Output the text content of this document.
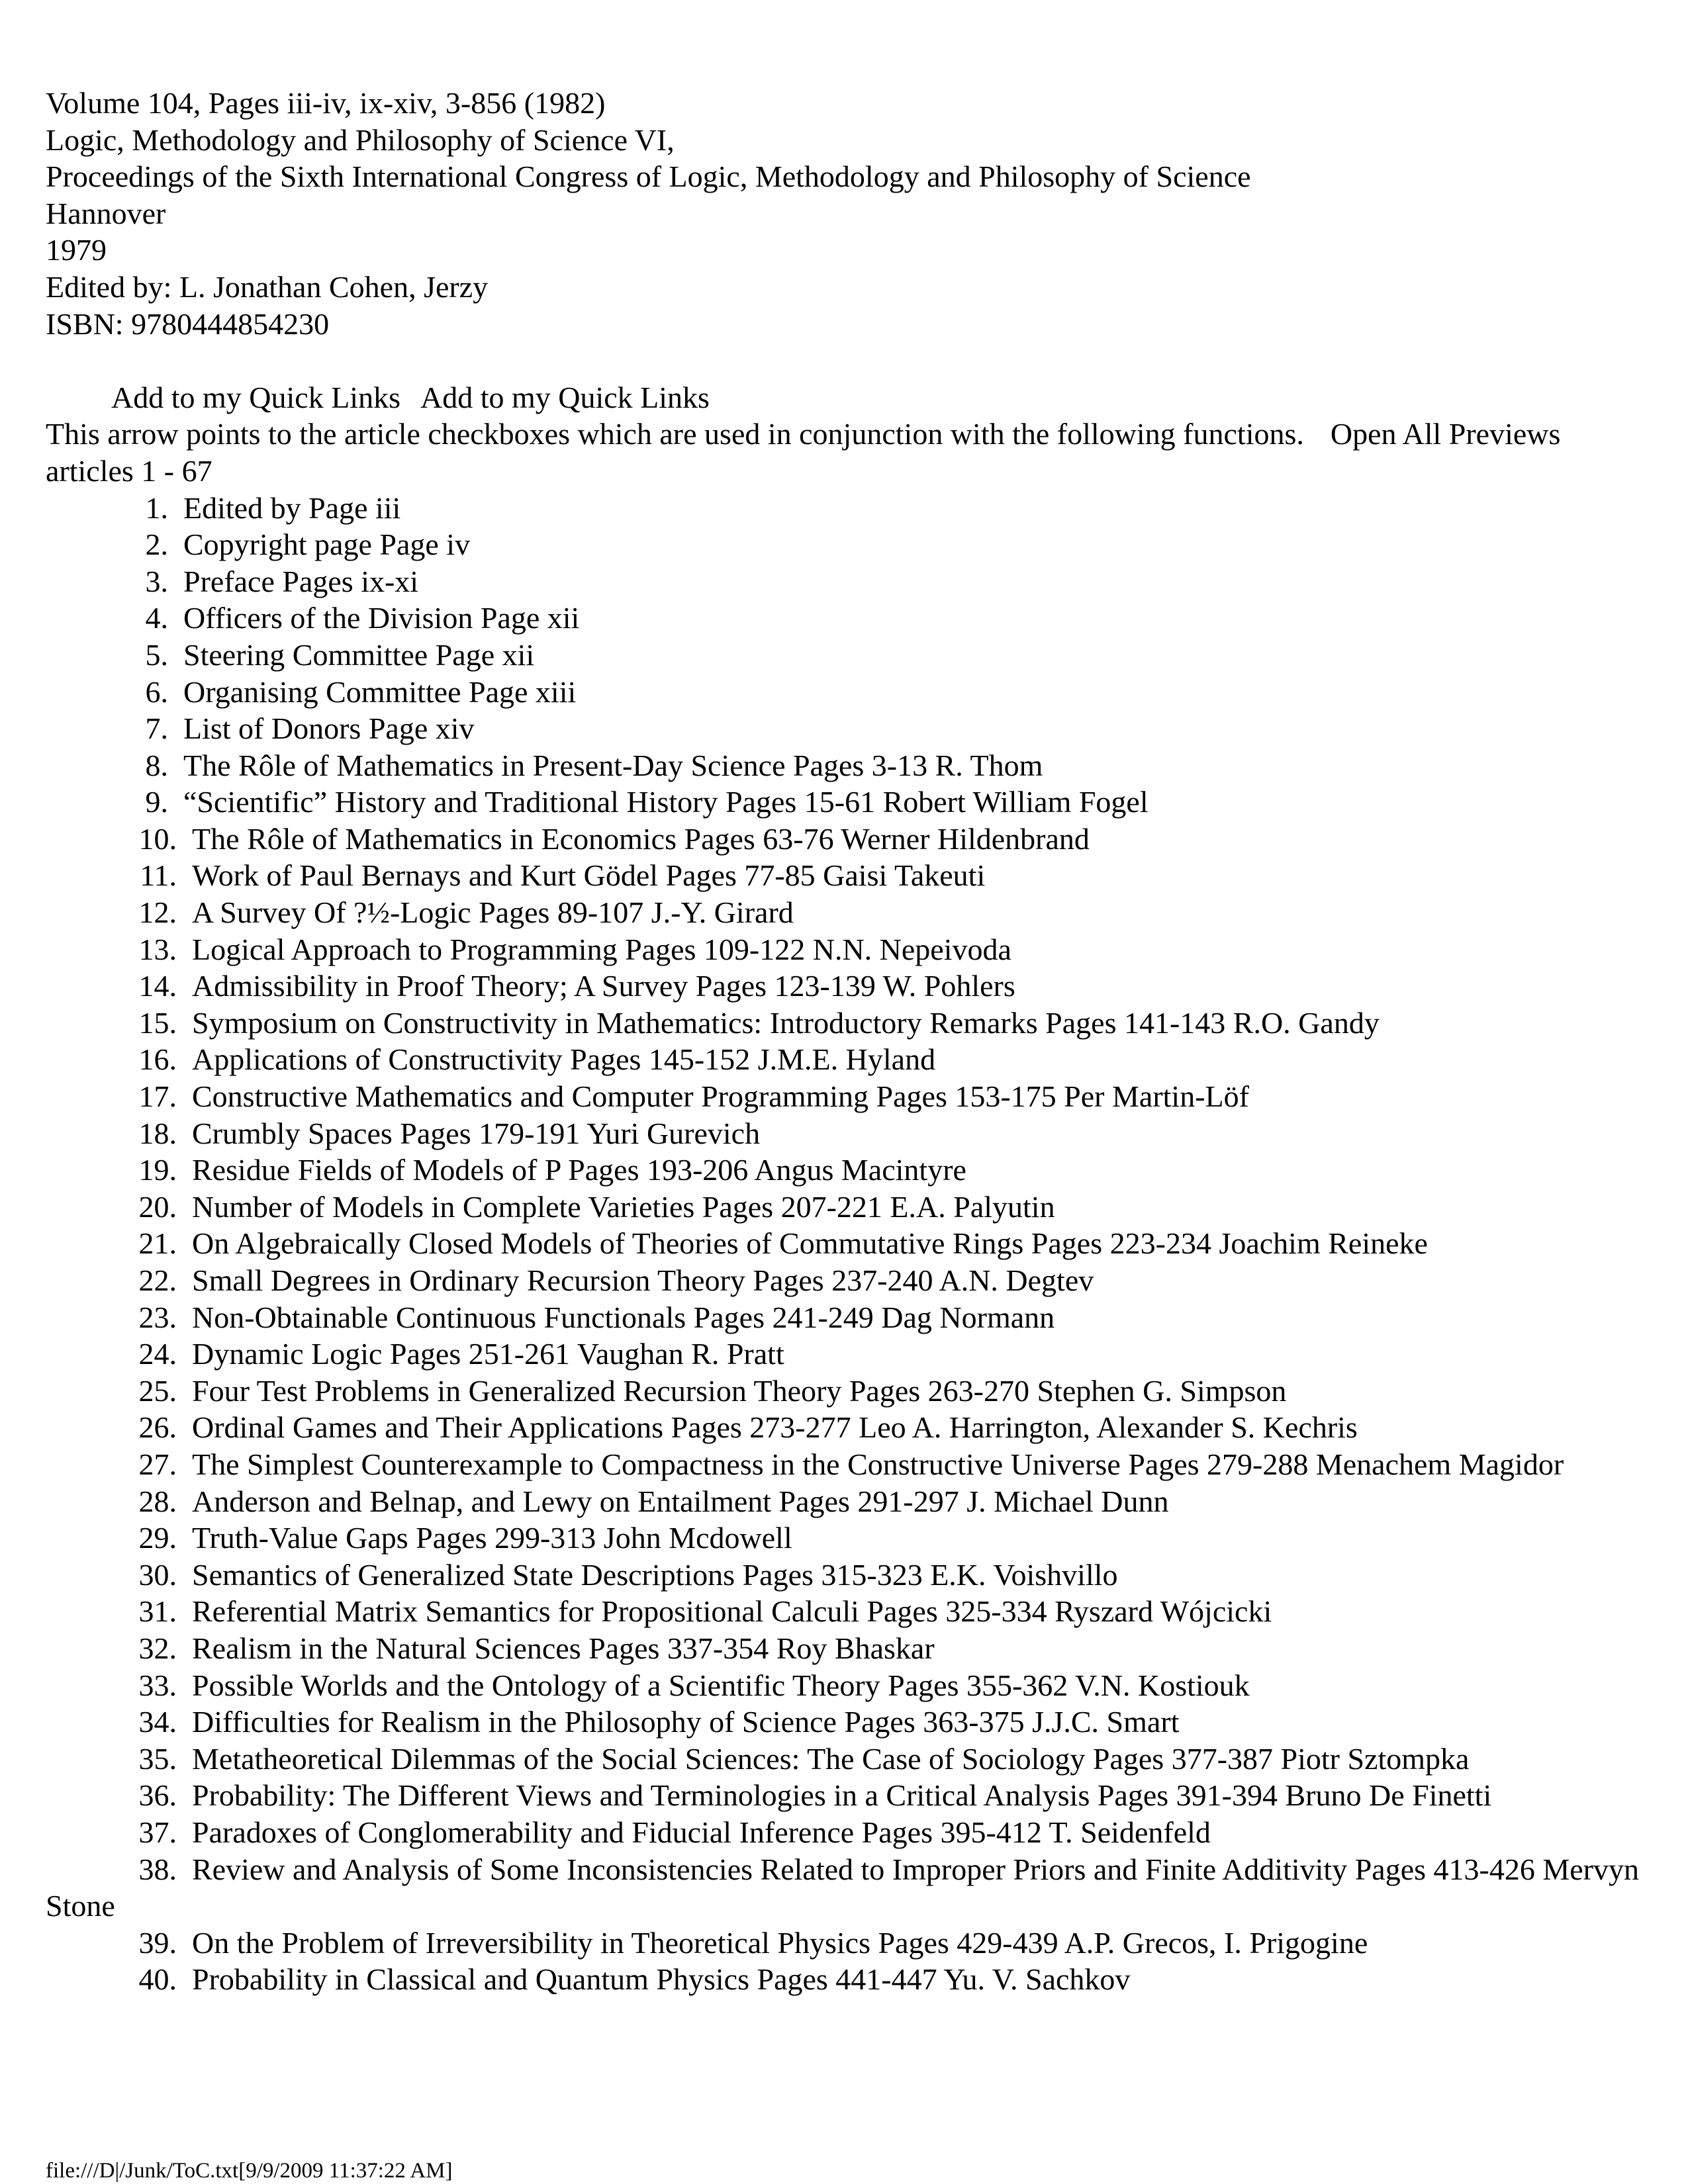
Volume 104, Pages iii-iv, ix-xiv, 3-856 (1982)
Logic, Methodology and Philosophy of Science VI,
Proceedings of the Sixth International Congress of Logic, Methodology and Philosophy of Science
Hannover
1979
Edited by: L. Jonathan Cohen, Jerzy
ISBN: 9780444854230
Add to my Quick Links Add to my Quick Links
This arrow points to the article checkboxes which are used in conjunction with the following functions. Open All Previewsarticles 1 - 67
1. Edited by Page iii
2. Copyright page Page iv
3. Preface Pages ix-xi
4. Officers of the Division Page xii
5. Steering Committee Page xii
6. Organising Committee Page xiii
7. List of Donors Page xiv
8. The Rôle of Mathematics in Present-Day Science Pages 3-13 R. Thom
9. “Scientific” History and Traditional History Pages 15-61 Robert William Fogel
10. The Rôle of Mathematics in Economics Pages 63-76 Werner Hildenbrand
11. Work of Paul Bernays and Kurt Gödel Pages 77-85 Gaisi Takeuti
12. A Survey Of ?½-Logic Pages 89-107 J.-Y. Girard
13. Logical Approach to Programming Pages 109-122 N.N. Nepeivoda
14. Admissibility in Proof Theory; A Survey Pages 123-139 W. Pohlers
15. Symposium on Constructivity in Mathematics: Introductory Remarks Pages 141-143 R.O. Gandy
16. Applications of Constructivity Pages 145-152 J.M.E. Hyland
17. Constructive Mathematics and Computer Programming Pages 153-175 Per Martin-Löf
18. Crumbly Spaces Pages 179-191 Yuri Gurevich
19. Residue Fields of Models of P Pages 193-206 Angus Macintyre
20. Number of Models in Complete Varieties Pages 207-221 E.A. Palyutin
21. On Algebraically Closed Models of Theories of Commutative Rings Pages 223-234 Joachim Reineke
22. Small Degrees in Ordinary Recursion Theory Pages 237-240 A.N. Degtev
23. Non-Obtainable Continuous Functionals Pages 241-249 Dag Normann
24. Dynamic Logic Pages 251-261 Vaughan R. Pratt
25. Four Test Problems in Generalized Recursion Theory Pages 263-270 Stephen G. Simpson
26. Ordinal Games and Their Applications Pages 273-277 Leo A. Harrington, Alexander S. Kechris
27. The Simplest Counterexample to Compactness in the Constructive Universe Pages 279-288 Menachem Magidor
28. Anderson and Belnap, and Lewy on Entailment Pages 291-297 J. Michael Dunn
29. Truth-Value Gaps Pages 299-313 John Mcdowell
30. Semantics of Generalized State Descriptions Pages 315-323 E.K. Voishvillo
31. Referential Matrix Semantics for Propositional Calculi Pages 325-334 Ryszard Wójcicki
32. Realism in the Natural Sciences Pages 337-354 Roy Bhaskar
33. Possible Worlds and the Ontology of a Scientific Theory Pages 355-362 V.N. Kostiouk
34. Difficulties for Realism in the Philosophy of Science Pages 363-375 J.J.C. Smart
35. Metatheoretical Dilemmas of the Social Sciences: The Case of Sociology Pages 377-387 Piotr Sztompka
36. Probability: The Different Views and Terminologies in a Critical Analysis Pages 391-394 Bruno De Finetti
37. Paradoxes of Conglomerability and Fiducial Inference Pages 395-412 T. Seidenfeld
38. Review and Analysis of Some Inconsistencies Related to Improper Priors and Finite Additivity Pages 413-426 Mervyn Stone
39. On the Problem of Irreversibility in Theoretical Physics Pages 429-439 A.P. Grecos, I. Prigogine
40. Probability in Classical and Quantum Physics Pages 441-447 Yu. V. Sachkov
file:///D|/Junk/ToC.txt[9/9/2009 11:37:22 AM]
